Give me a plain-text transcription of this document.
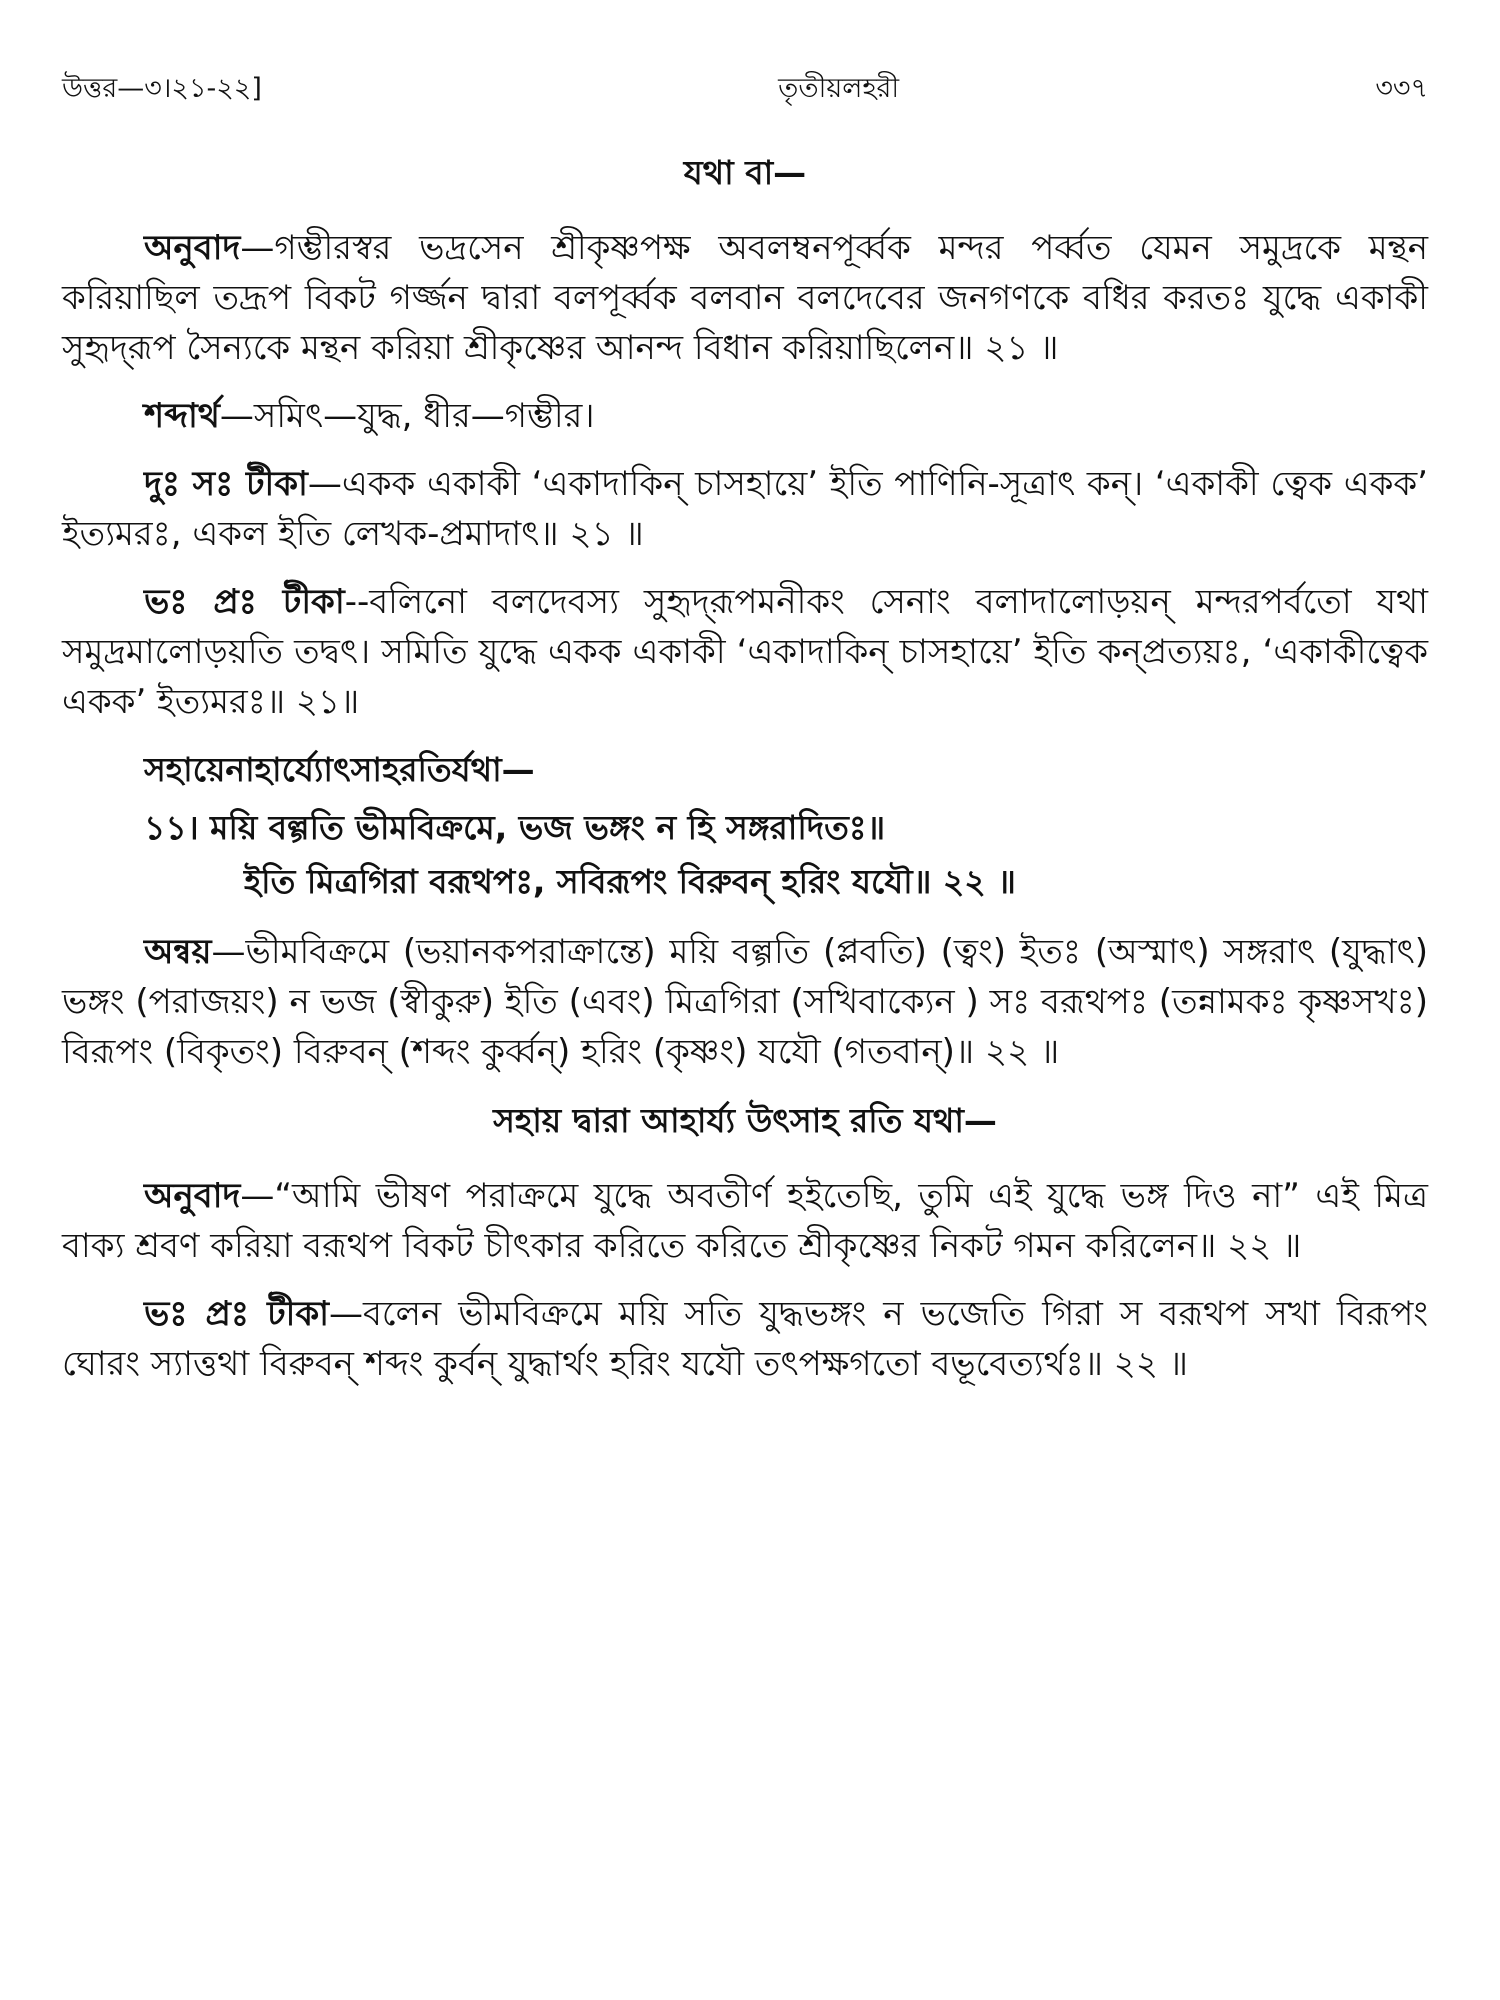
উত্তর—৩।২১-২২]	তৃতীয়লহরী	৩৩৭
যথা বা—

অনুবাদ—গম্ভীরস্বর ভদ্রসেন শ্রীকৃষ্ণপক্ষ অবলম্বনপূর্ব্বক মন্দর পর্ব্বত যেমন সমুদ্রকে মন্থন করিয়াছিল তদ্রূপ বিকট গর্জ্জন দ্বারা বলপূর্ব্বক বলবান বলদেবের জনগণকে বধির করতঃ যুদ্ধে একাকী সুহৃদ্‌রূপ সৈন্যকে মন্থন করিয়া শ্রীকৃষ্ণের আনন্দ বিধান করিয়াছিলেন॥ ২১ ॥

শব্দার্থ—সমিৎ—যুদ্ধ, ধীর—গম্ভীর।

দুঃ সঃ টীকা—একক একাকী ‘একাদাকিন্ চাসহায়ে’ ইতি পাণিনি-সূত্রাৎ কন্। ‘একাকী ত্বেক একক’ ইত্যমরঃ, একল ইতি লেখক-প্রমাদাৎ॥ ২১ ॥

ভঃ প্রঃ টীকা--বলিনো বলদেবস্য সুহৃদ্‌রূপমনীকং সেনাং বলাদালোড়য়ন্ মন্দরপর্বতো যথা সমুদ্রমালোড়য়তি তদ্বৎ। সমিতি যুদ্ধে একক একাকী ‘একাদাকিন্ চাসহায়ে’ ইতি কন্‌প্রত্যয়ঃ, ‘একাকীত্বেক একক’ ইত্যমরঃ॥ ২১॥

সহায়েনাহার্য্যোৎসাহরতির্যথা—
১১। ময়ি বল্গতি ভীমবিক্রমে, ভজ ভঙ্গং ন হি সঙ্গরাদিতঃ॥
ইতি মিত্রগিরা বরূথপঃ, সবিরূপং বিরুবন্ হরিং যযৌ॥ ২২ ॥

অন্বয়—ভীমবিক্রমে (ভয়ানকপরাক্রান্তে) ময়ি বল্গতি (প্লবতি) (ত্বং) ইতঃ (অস্মাৎ) সঙ্গরাৎ (যুদ্ধাৎ) ভঙ্গং (পরাজয়ং) ন ভজ (স্বীকুরু) ইতি (এবং) মিত্রগিরা (সখিবাক্যেন ) সঃ বরূথপঃ (তন্নামকঃ কৃষ্ণসখঃ) বিরূপং (বিকৃতং) বিরুবন্ (শব্দং কুর্ব্বন্) হরিং (কৃষ্ণং) যযৌ (গতবান্)॥ ২২ ॥

সহায় দ্বারা আহার্য্য উৎসাহ রতি যথা—

অনুবাদ—“আমি ভীষণ পরাক্রমে যুদ্ধে অবতীর্ণ হইতেছি, তুমি এই যুদ্ধে ভঙ্গ দিও না” এই মিত্র বাক্য শ্রবণ করিয়া বরূথপ বিকট চীৎকার করিতে করিতে শ্রীকৃষ্ণের নিকট গমন করিলেন॥ ২২ ॥

ভঃ প্রঃ টীকা—বলেন ভীমবিক্রমে ময়ি সতি যুদ্ধভঙ্গং ন ভজেতি গিরা স বরূথপ সখা বিরূপং ঘোরং স্যাত্তথা বিরুবন্ শব্দং কুর্বন্ যুদ্ধার্থং হরিং যযৌ তৎপক্ষগতো বভূবেত্যর্থঃ॥ ২২ ॥
